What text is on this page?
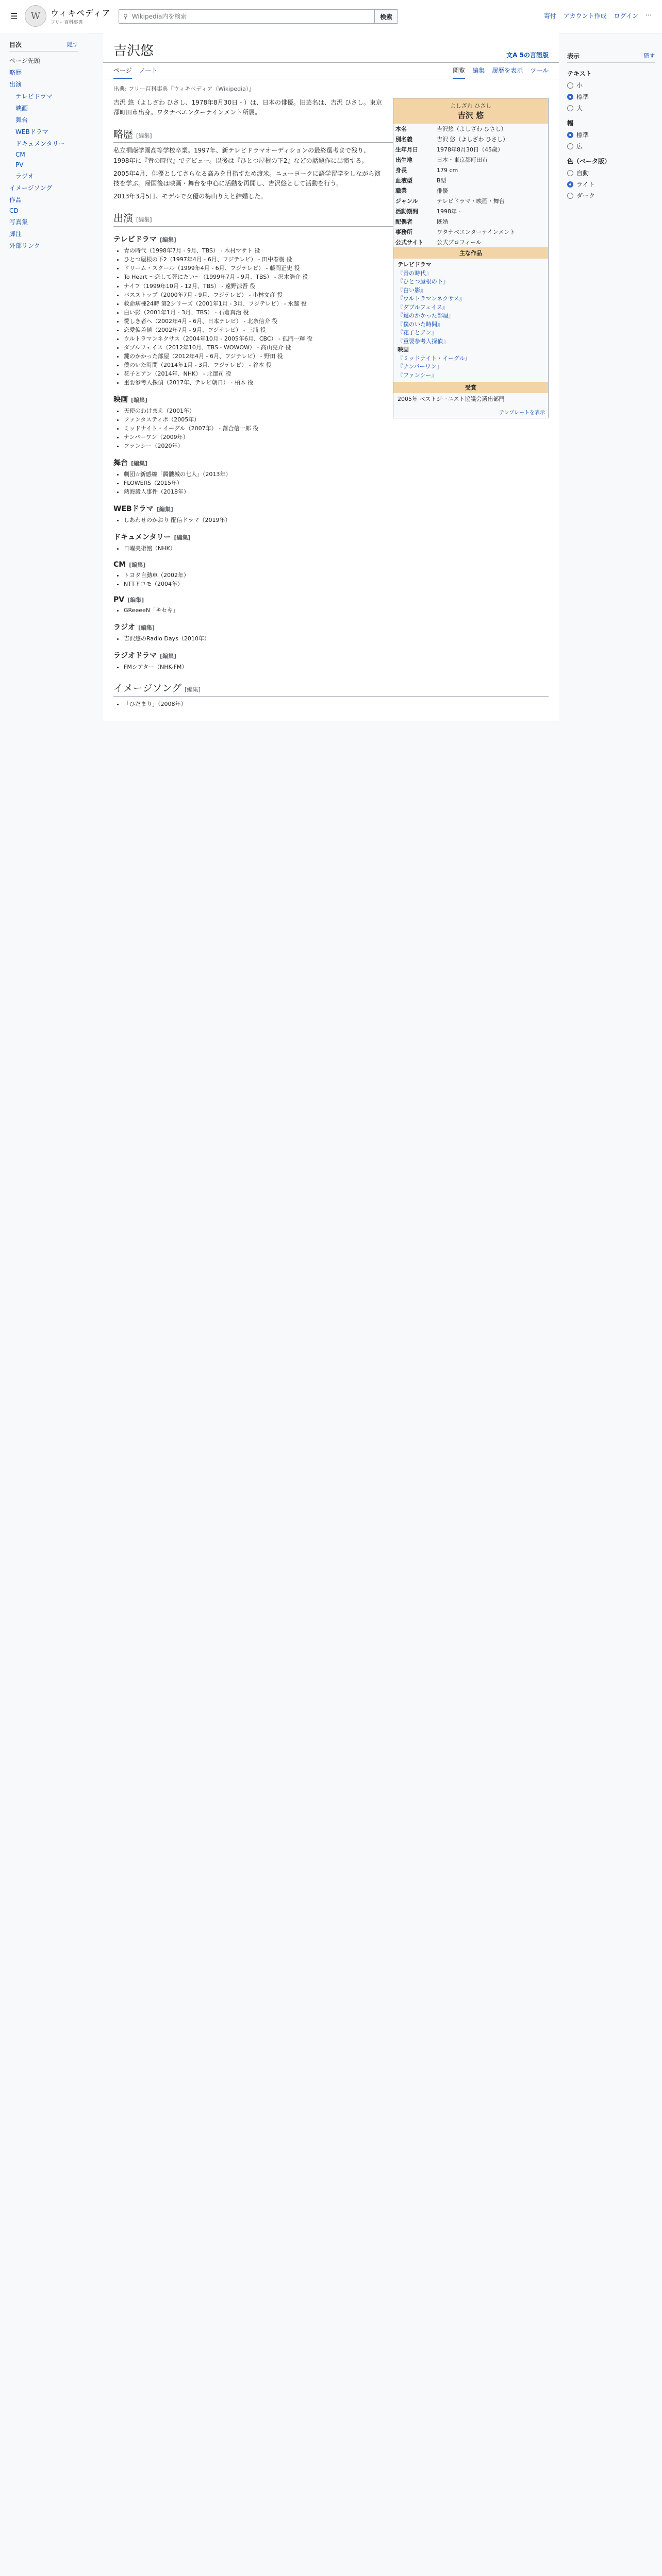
☰	W	ウィキペディア
フリー百科事典
⚲
Wikipedia内を検索	検索	寄付 アカウント作成 ログイン ⋯
目次	隠す
ページ先頭
略歴
出演
テレビドラマ
映画
舞台
WEBドラマ
ドキュメンタリー
CM
PV
ラジオ
イメージソング
作品
CD
写真集
脚注
外部リンク
吉沢悠	文A 5の言語版
ページ ノート	閲覧 編集 履歴を表示 ツール
出典: フリー百科事典『ウィキペディア（Wikipedia）』
よしざわ ひさし
吉沢 悠
本名	吉沢悠（よしざわ ひさし）
別名義	吉沢 悠（よしざわ ひさし）
生年月日	1978年8月30日（45歳）
出生地	日本・東京都町田市
身長	179 cm
血液型	B型
職業	俳優
ジャンル	テレビドラマ・映画・舞台
活動期間	1998年 -
配偶者	既婚
事務所	ワタナベエンターテインメント
公式サイト	公式プロフィール
主な作品
テレビドラマ
『青の時代』
『ひとつ屋根の下』
『白い影』
『ウルトラマンネクサス』
『ダブルフェイス』
『鍵のかかった部屋』
『僕のいた時間』
『花子とアン』
『重要参考人探偵』
映画
『ミッドナイト・イーグル』
『ナンバーワン』
『ファンシー』
受賞
2005年 ベストジーニスト協議会選出部門
テンプレートを表示

吉沢 悠（よしざわ ひさし、1978年8月30日 - ）は、日本の俳優。旧芸名は、吉沢 ひさし。東京都町田市出身。ワタナベエンターテインメント所属。

略歴 [編集]

私立桐蔭学園高等学校卒業。1997年、新テレビドラマオーディションの最終選考まで残り、1998年に『青の時代』でデビュー。以後は『ひとつ屋根の下2』などの話題作に出演する。

2005年4月、俳優としてさらなる高みを目指すため渡米。ニューヨークに語学留学をしながら演技を学ぶ。帰国後は映画・舞台を中心に活動を再開し、吉沢悠として活動を行う。

2013年3月5日、モデルで女優の梅山りえと結婚した。

出演 [編集]
テレビドラマ [編集]
• 青の時代（1998年7月 - 9月、TBS） - 木村マサト 役
• ひとつ屋根の下2（1997年4月 - 6月、フジテレビ） - 田中春樹 役
• ドリーム・スクール（1999年4月 - 6月、フジテレビ） - 藤岡正史 役
• To Heart 〜恋して死にたい〜（1999年7月 - 9月、TBS） - 沢木浩介 役
• ナイフ（1999年10月 - 12月、TBS） - 遠野涼吾 役
• バスストップ（2000年7月 - 9月、フジテレビ） - 小林文彦 役
• 救命病棟24時 第2シリーズ（2001年1月 - 3月、フジテレビ） - 水越 役
• 白い影（2001年1月 - 3月、TBS） - 石倉真治 役
• 愛しき者へ（2002年4月 - 6月、日本テレビ） - 北条信介 役
• 恋愛偏差値（2002年7月 - 9月、フジテレビ） - 三浦 役
• ウルトラマンネクサス（2004年10月 - 2005年6月、CBC） - 孤門一輝 役
• ダブルフェイス（2012年10月、TBS・WOWOW） - 高山亮介 役
• 鍵のかかった部屋（2012年4月 - 6月、フジテレビ） - 野田 役
• 僕のいた時間（2014年1月 - 3月、フジテレビ） - 谷本 役
• 花子とアン（2014年、NHK） - 北澤司 役
• 重要参考人探偵（2017年、テレビ朝日） - 柏木 役
映画 [編集]
• 天使のわけまえ（2001年）
• ファンタスティポ（2005年）
• ミッドナイト・イーグル（2007年） - 落合信一郎 役
• ナンバーワン（2009年）
• ファンシー（2020年）
舞台 [編集]
• 劇団☆新感線「髑髏城の七人」（2013年）
• FLOWERS（2015年）
• 熱海殺人事件（2018年）
WEBドラマ [編集]
• しあわせのかおり 配信ドラマ（2019年）
ドキュメンタリー [編集]
• 日曜美術館（NHK）
CM [編集]
• トヨタ自動車（2002年）
• NTTドコモ（2004年）
PV [編集]
• GReeeeN「キセキ」
ラジオ [編集]
• 吉沢悠のRadio Days（2010年）
ラジオドラマ [編集]
• FMシアター（NHK-FM）
イメージソング [編集]
• 「ひだまり」（2008年）
表示	隠す
テキスト
小
標準
大
幅
標準
広
色（ベータ版）
自動
ライト
ダーク
